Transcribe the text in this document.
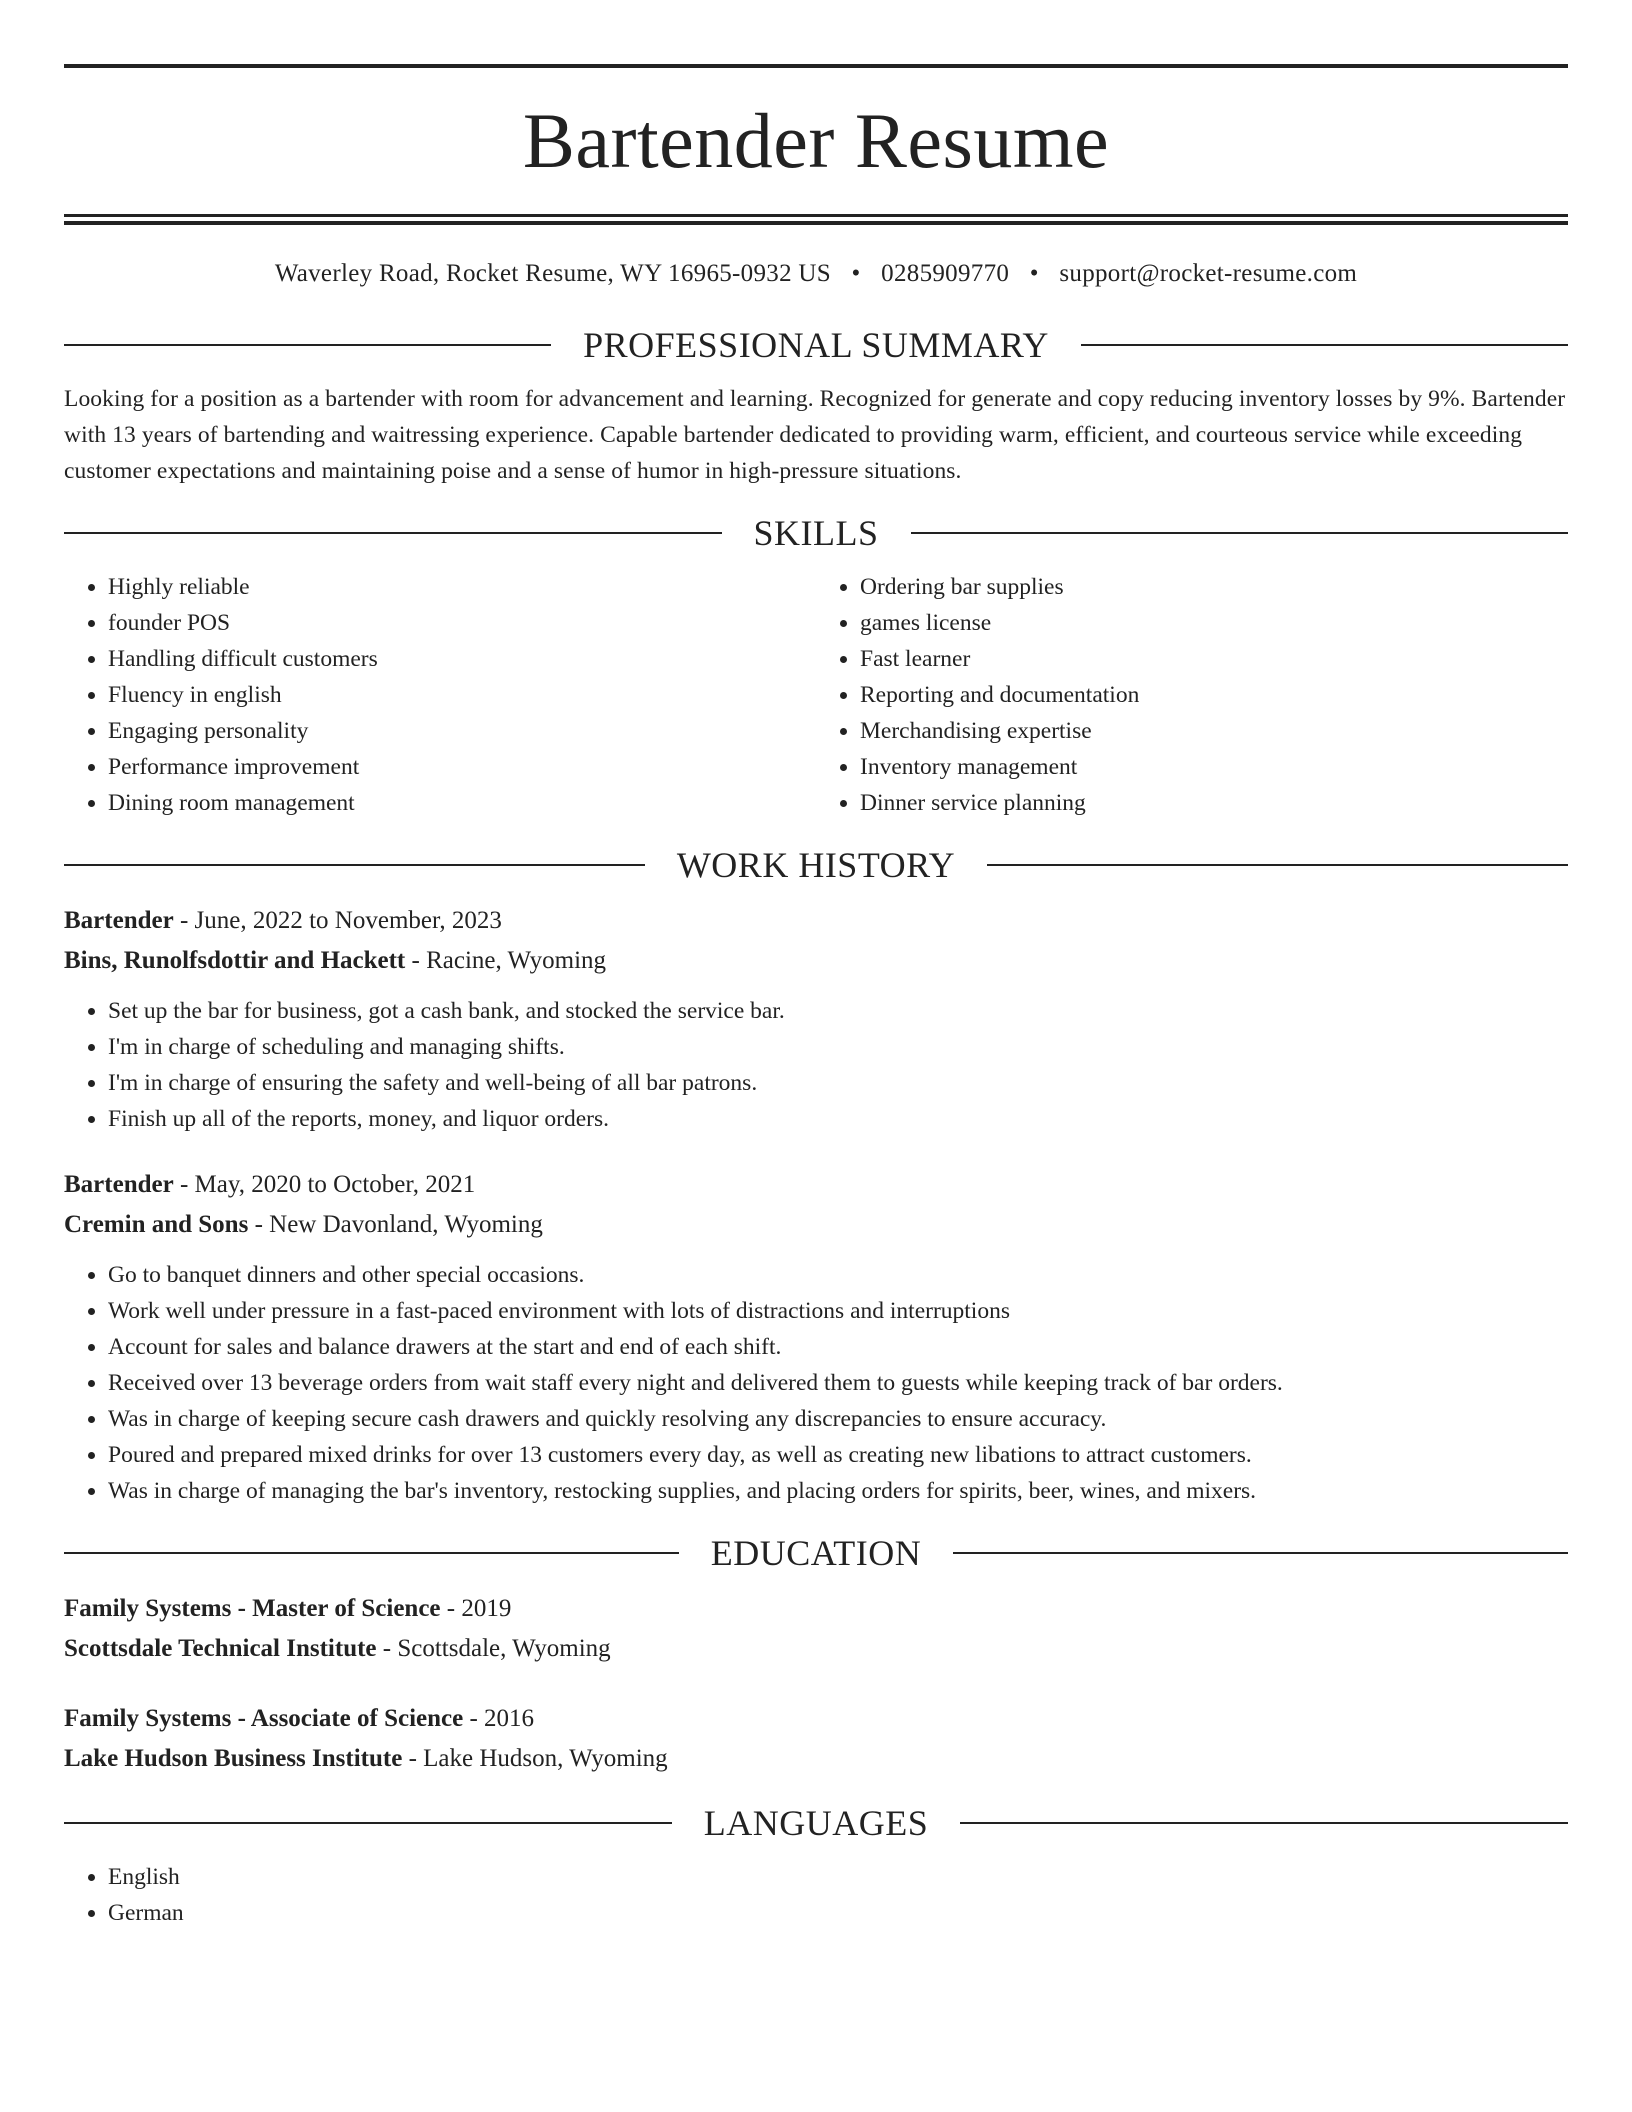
Bartender Resume
Waverley Road, Rocket Resume, WY 16965-0932 US • 0285909770 • support@rocket-resume.com
PROFESSIONAL SUMMARY
Looking for a position as a bartender with room for advancement and learning. Recognized for generate and copy reducing inventory losses by 9%. Bartender with 13 years of bartending and waitressing experience. Capable bartender dedicated to providing warm, efficient, and courteous service while exceeding customer expectations and maintaining poise and a sense of humor in high-pressure situations.
SKILLS
• Highly reliable
• founder POS
• Handling difficult customers
• Fluency in english
• Engaging personality
• Performance improvement
• Dining room management
• Ordering bar supplies
• games license
• Fast learner
• Reporting and documentation
• Merchandising expertise
• Inventory management
• Dinner service planning
WORK HISTORY
Bartender - June, 2022 to November, 2023
Bins, Runolfsdottir and Hackett - Racine, Wyoming
• Set up the bar for business, got a cash bank, and stocked the service bar.
• I'm in charge of scheduling and managing shifts.
• I'm in charge of ensuring the safety and well-being of all bar patrons.
• Finish up all of the reports, money, and liquor orders.
Bartender - May, 2020 to October, 2021
Cremin and Sons - New Davonland, Wyoming
• Go to banquet dinners and other special occasions.
• Work well under pressure in a fast-paced environment with lots of distractions and interruptions
• Account for sales and balance drawers at the start and end of each shift.
• Received over 13 beverage orders from wait staff every night and delivered them to guests while keeping track of bar orders.
• Was in charge of keeping secure cash drawers and quickly resolving any discrepancies to ensure accuracy.
• Poured and prepared mixed drinks for over 13 customers every day, as well as creating new libations to attract customers.
• Was in charge of managing the bar's inventory, restocking supplies, and placing orders for spirits, beer, wines, and mixers.
EDUCATION
Family Systems - Master of Science - 2019
Scottsdale Technical Institute - Scottsdale, Wyoming
Family Systems - Associate of Science - 2016
Lake Hudson Business Institute - Lake Hudson, Wyoming
LANGUAGES
• English
• German
